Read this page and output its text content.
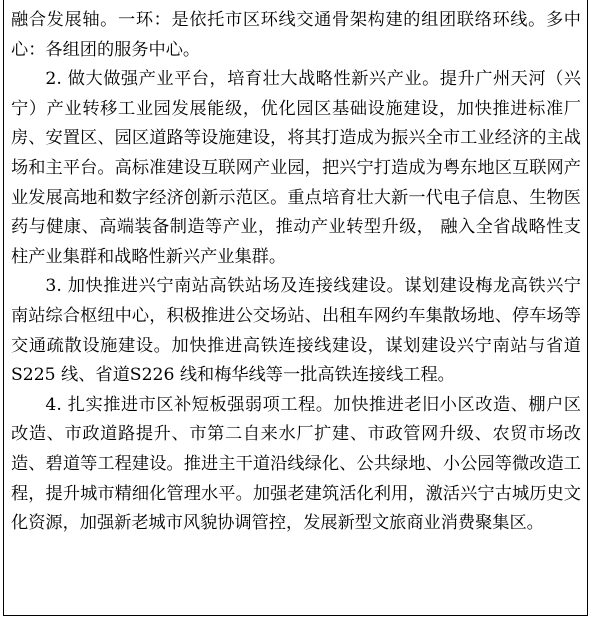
融合发展轴。一环：是依托市区环线交通骨架构建的组团联络环线。多中心：各组团的服务中心。

2. 做大做强产业平台，培育壮大战略性新兴产业。提升广州天河（兴宁）产业转移工业园发展能级，优化园区基础设施建设，加快推进标准厂房、安置区、园区道路等设施建设，将其打造成为振兴全市工业经济的主战场和主平台。高标准建设互联网产业园，把兴宁打造成为粤东地区互联网产业发展高地和数字经济创新示范区。重点培育壮大新一代电子信息、生物医药与健康、高端装备制造等产业，推动产业转型升级， 融入全省战略性支柱产业集群和战略性新兴产业集群。

3. 加快推进兴宁南站高铁站场及连接线建设。谋划建设梅龙高铁兴宁南站综合枢纽中心，积极推进公交场站、出租车网约车集散场地、停车场等交通疏散设施建设。加快推进高铁连接线建设，谋划建设兴宁南站与省道S225 线、省道S226 线和梅华线等一批高铁连接线工程。

4. 扎实推进市区补短板强弱项工程。加快推进老旧小区改造、棚户区改造、市政道路提升、市第二自来水厂扩建、市政管网升级、农贸市场改造、碧道等工程建设。推进主干道沿线绿化、公共绿地、小公园等微改造工程，提升城市精细化管理水平。加强老建筑活化利用，激活兴宁古城历史文化资源，加强新老城市风貌协调管控，发展新型文旅商业消费聚集区。
